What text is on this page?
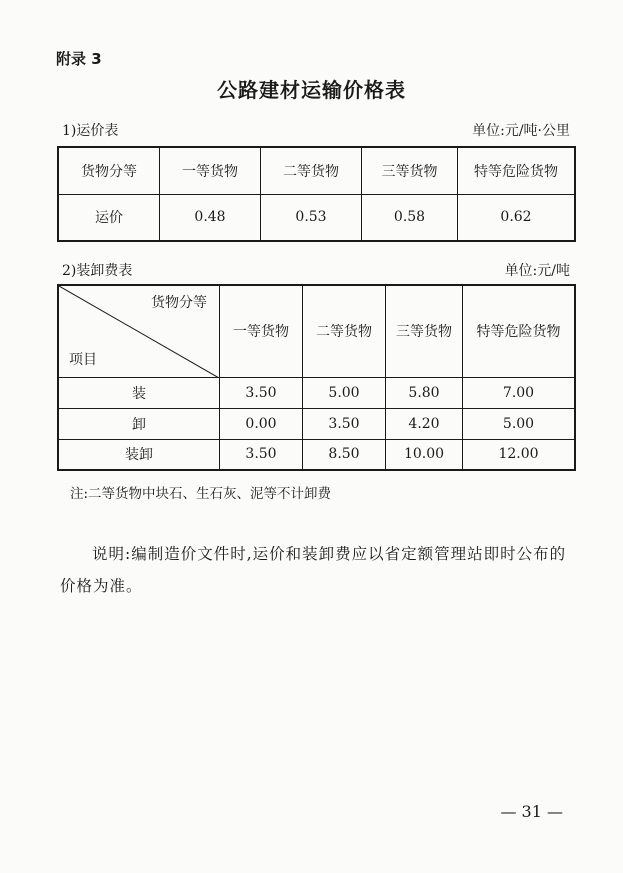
附录 3
公路建材运输价格表
1)运价表	单位:元/吨·公里
货物分等	一等货物	二等货物	三等货物	特等危险货物
运价	0.48	0.53	0.58	0.62
2)装卸费表	单位:元/吨
货物分等
项目	一等货物	二等货物	三等货物	特等危险货物
装	3.50	5.00	5.80	7.00
卸	0.00	3.50	4.20	5.00
装卸	3.50	8.50	10.00	12.00
注:二等货物中块石、生石灰、泥等不计卸费
说明:编制造价文件时,运价和装卸费应以省定额管理站即时公布的价格为准。
— 31 —
